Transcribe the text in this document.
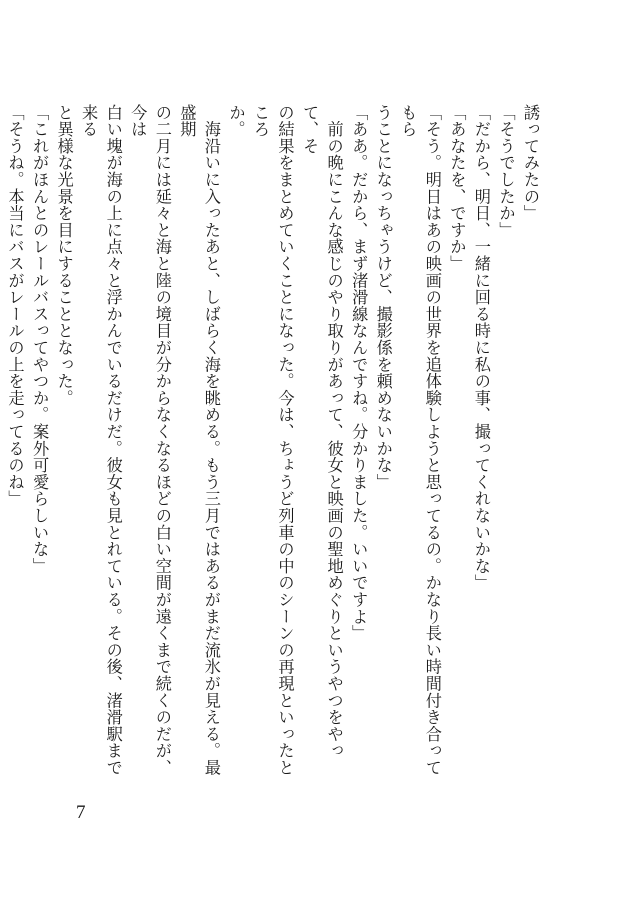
誘ってみたの」

「そうでしたか」

「だから、明日、一緒に回る時に私の事、撮ってくれないかな」

「あなたを、ですか」

「そう。明日はあの映画の世界を追体験しようと思ってるの。かなり長い時間付き合ってもら

うことになっちゃうけど、撮影係を頼めないかな」

「ああ。だから、まず渚滑線なんですね。分かりました。いいですよ」

　前の晩にこんな感じのやり取りがあって、彼女と映画の聖地めぐりというやつをやって、そ

の結果をまとめていくことになった。今は、ちょうど列車の中のシーンの再現といったところ

か。

　海沿いに入ったあと、しばらく海を眺める。もう三月ではあるがまだ流氷が見える。最盛期

の二月には延々と海と陸の境目が分からなくなるほどの白い空間が遠くまで続くのだが、今は

白い塊が海の上に点々と浮かんでいるだけだ。彼女も見とれている。その後、渚滑駅まで来る

と異様な光景を目にすることとなった。

「これがほんとのレールバスってやつか。案外可愛らしいな」

「そうね。本当にバスがレールの上を走ってるのね」

7
